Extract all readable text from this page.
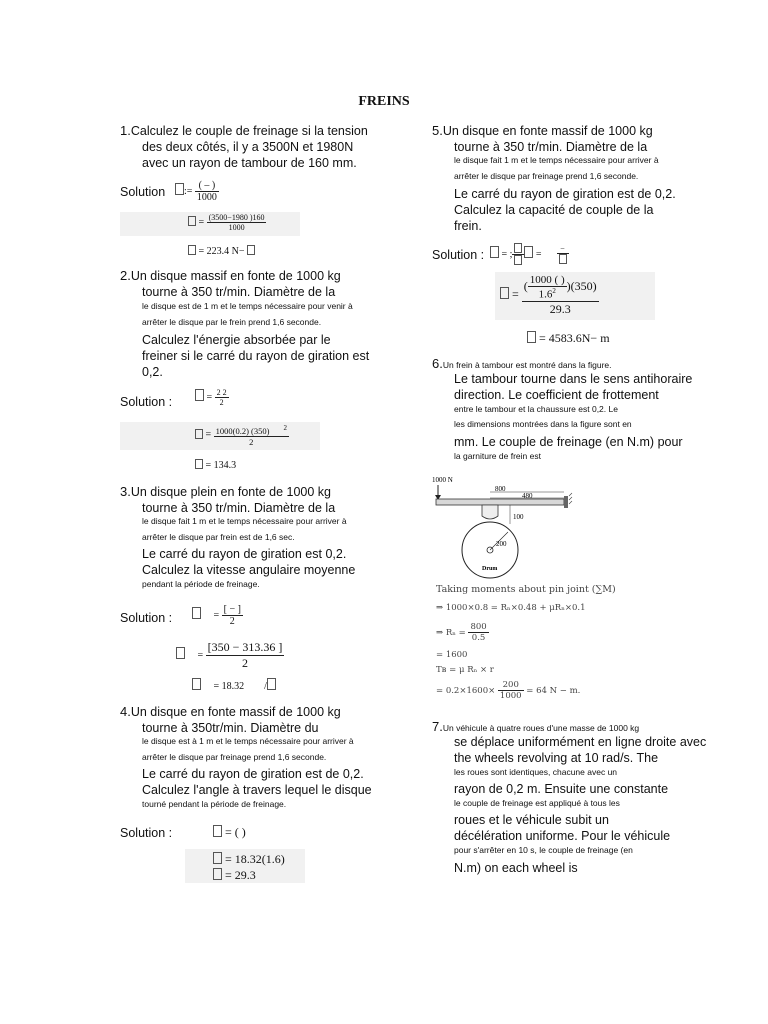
FREINS
1.Calculez le couple de freinage si la tension
des deux côtés, il y a 3500N et 1980N
avec un rayon de tambour de 160 mm.
Solution	:= $\frac{( - )}{1000}$
= $\frac{(3500-1980 )160}{1000}$
= 223.4 N−
2.Un disque massif en fonte de 1000 kg
tourne à 350 tr/min. Diamètre de la
le disque est de 1 m et le temps nécessaire pour venir à
arrêter le disque par le frein prend 1,6 seconde.
Calculez l'énergie absorbée par le
freiner si le carré du rayon de giration est
0,2.
Solution :	= $\frac{2 2}{2}$
= $\frac{1000(0.2) (350) ^2}{2}$
= 134.3
3.Un disque plein en fonte de 1000 kg
tourne à 350 tr/min. Diamètre de la
le disque fait 1 m et le temps nécessaire pour arriver à
arrêter le disque par frein est de 1,6 sec.
Le carré du rayon de giration est 0,2.
Calculez la vitesse angulaire moyenne
pendant la période de freinage.
Solution :	= $\frac{[ - ]}{2}$
= $\frac{[350 - 313.36 ]}{2}$
= 18.32 /
4.Un disque en fonte massif de 1000 kg
tourne à 350tr/min. Diamètre du
le disque est à 1 m et le temps nécessaire pour arriver à
arrêter le disque par freinage prend 1,6 seconde.
Le carré du rayon de giration est de 0,2.
Calculez l'angle à travers lequel le disque
tourné pendant la période de freinage.
Solution :	= ( )
= 18.32(1.6)
= 29.3
5.Un disque en fonte massif de 1000 kg
tourne à 350 tr/min. Diamètre de la
le disque fait 1 m et le temps nécessaire pour arriver à
arrêter le disque par freinage prend 1,6 seconde.
Le carré du rayon de giration est de 0,2.
Calculez la capacité de couple de la
frein.
Solution :	= ;
=
−
= $\frac{( \frac{1000 ( )}{1.6^2} )(350)}{29.3}$
= 4583.6N− m
6.Un frein à tambour est montré dans la figure.
Le tambour tourne dans le sens antihoraire
direction. Le coefficient de frottement
entre le tambour et la chaussure est 0,2. Le
les dimensions montrées dans la figure sont en
mm. Le couple de freinage (en N.m) pour
la garniture de frein est
1000 N
800
480
100
200
Drum
Taking moments about pin joint (∑M)
⇒ 1000×0.8 = Rₙ×0.48 + μRₙ×0.1
⇒ $R_n = \frac{800}{0.5}$
= 1600
Tв = μ Rₙ × r
= $0.2\times 1600\times \frac{200}{1000} = 64$ N − m.
7.Un véhicule à quatre roues d'une masse de 1000 kg
se déplace uniformément en ligne droite avec
the wheels revolving at 10 rad/s. The
les roues sont identiques, chacune avec un
rayon de 0,2 m. Ensuite une constante
le couple de freinage est appliqué à tous les
roues et le véhicule subit un
décélération uniforme. Pour le véhicule
pour s'arrêter en 10 s, le couple de freinage (en
N.m) on each wheel is
